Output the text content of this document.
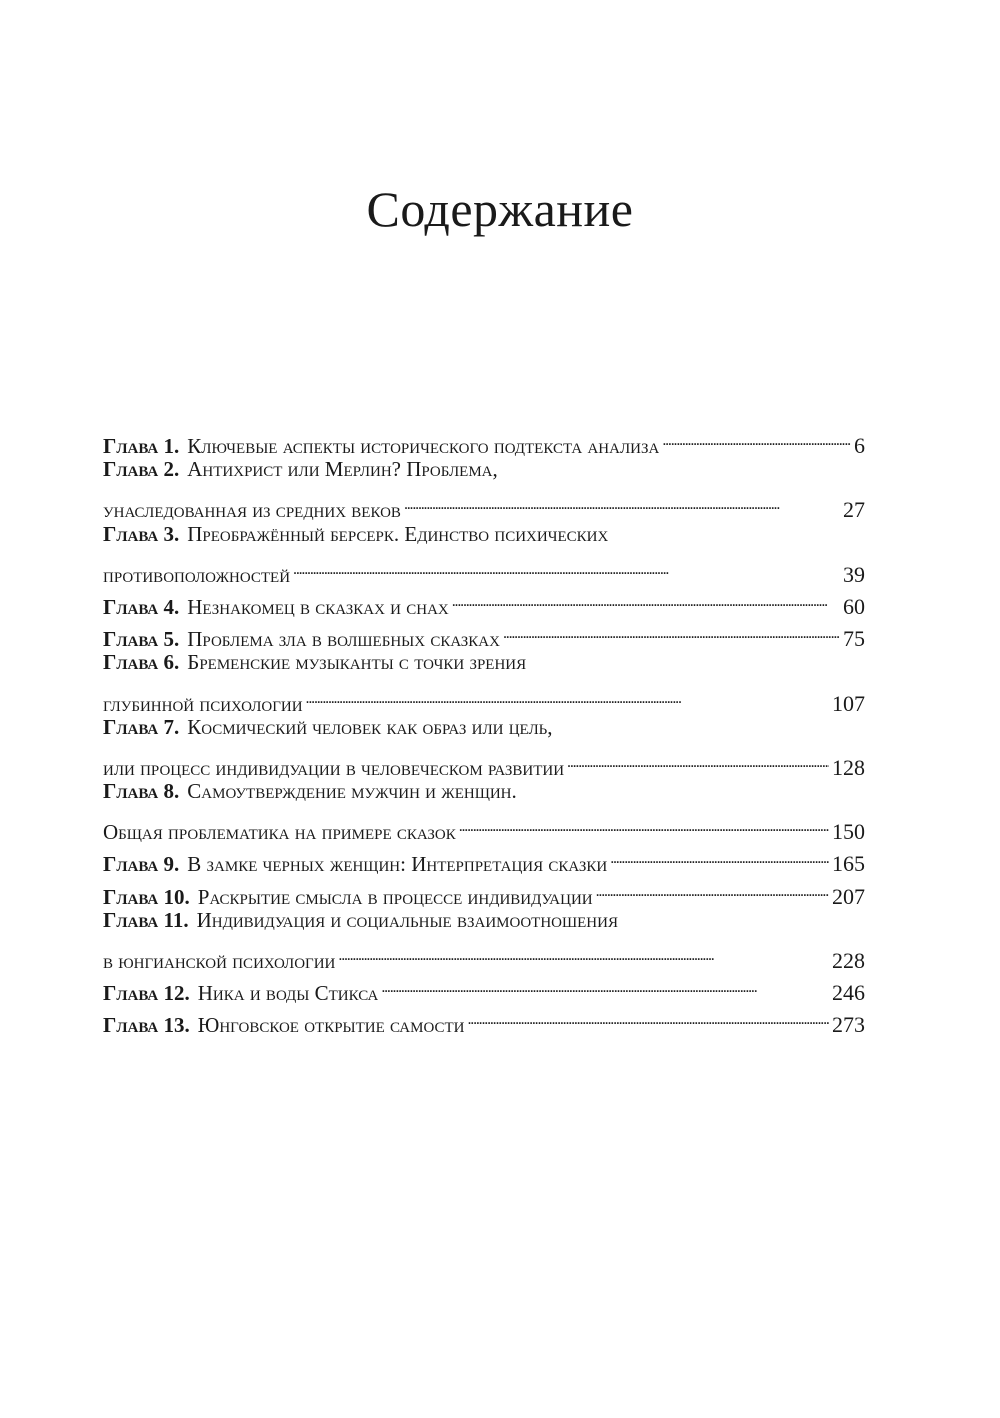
Содержание
Глава 1. Ключевые аспекты исторического подтекста анализа . . .	6
Глава 2. Антихрист или Мерлин? Проблема,
унаследованная из средних веков . . .	27
Глава 3. Преображённый берсерк. Единство психических
противоположностей . . .	39
Глава 4. Незнакомец в сказках и снах . . .	60
Глава 5. Проблема зла в волшебных сказках . . .	75
Глава 6. Бременские музыканты с точки зрения
глубинной психологии . . .	107
Глава 7. Космический человек как образ или цель,
или процесс индивидуации в человеческом развитии . . .	128
Глава 8. Самоутверждение мужчин и женщин.
Общая проблематика на примере сказок . . .	150
Глава 9. В замке черных женщин: Интерпретация сказки . . .	165
Глава 10. Раскрытие смысла в процессе индивидуации . . .	207
Глава 11. Индивидуация и социальные взаимоотношения
в юнгианской психологии . . .	228
Глава 12. Ника и воды Стикса . . .	246
Глава 13. Юнговское открытие самости . . .	273
